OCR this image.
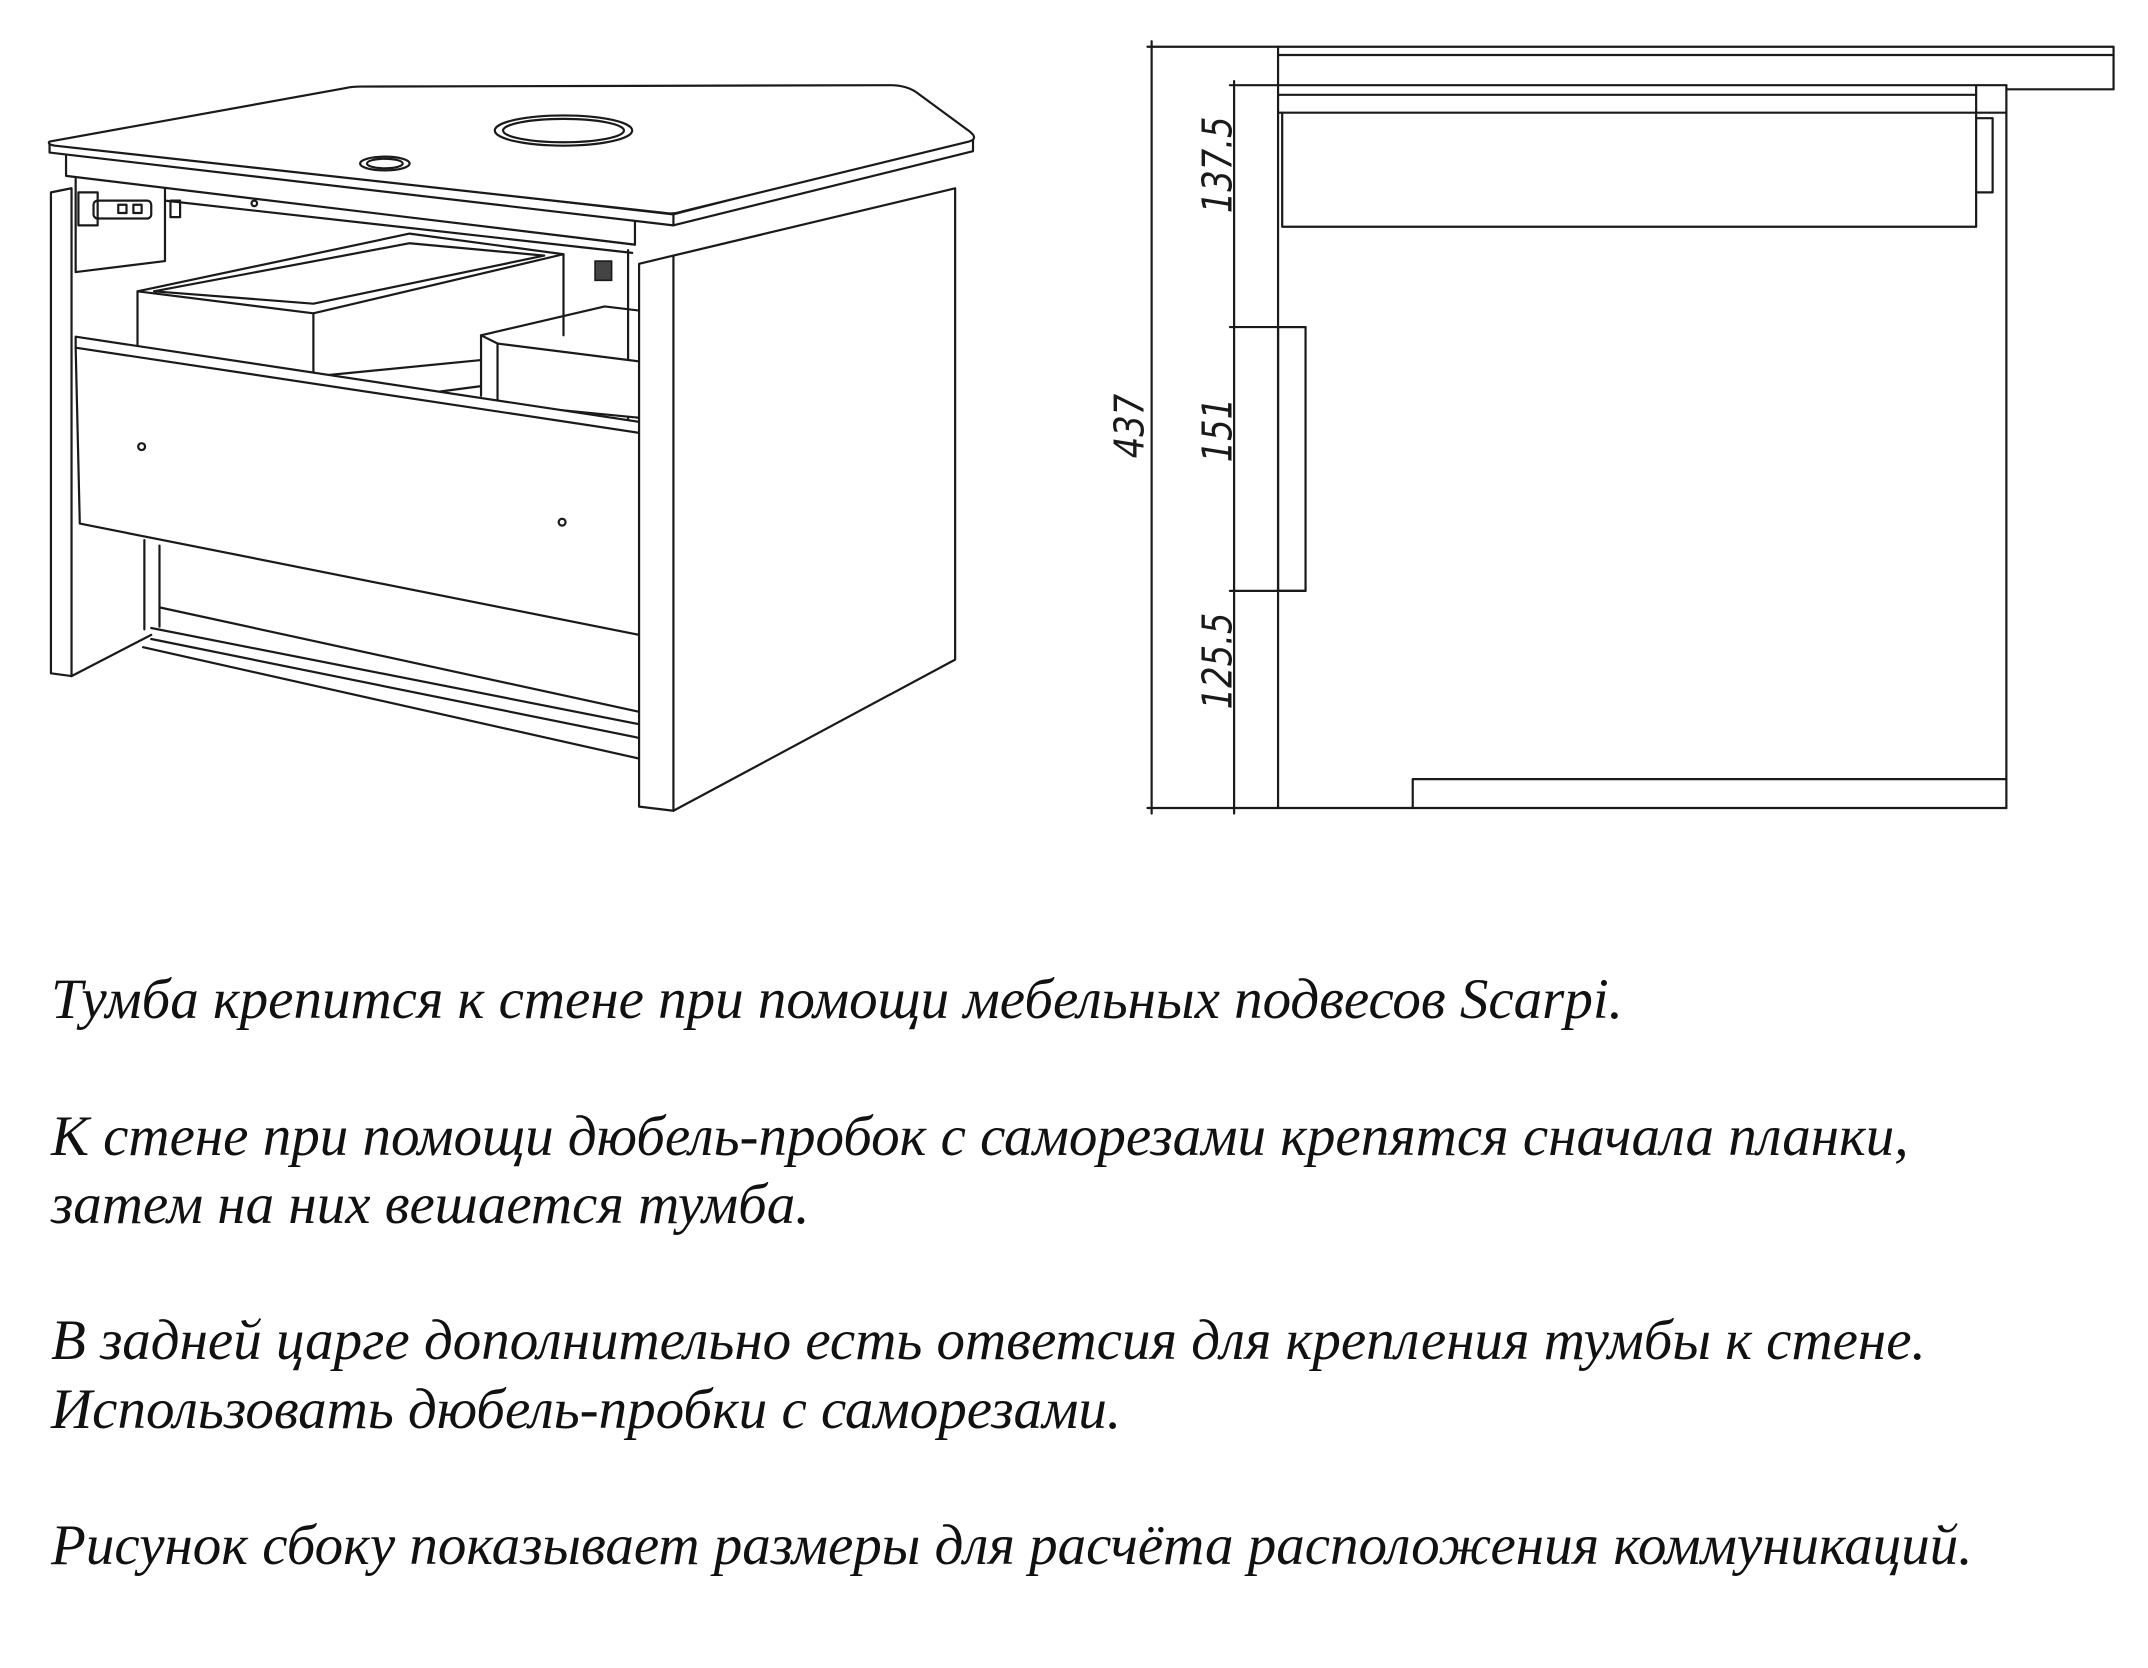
437
137.5
151
125.5

Тумба крепится к стене при помощи мебельных подвесов Scarpi.

К стене при помощи дюбель-пробок с саморезами крепятся сначала планки,
затем на них вешается тумба.

В задней царге дополнительно есть ответсия для крепления тумбы к стене.
Использовать дюбель-пробки с саморезами.

Рисунок сбоку показывает размеры для расчёта расположения коммуникаций.
